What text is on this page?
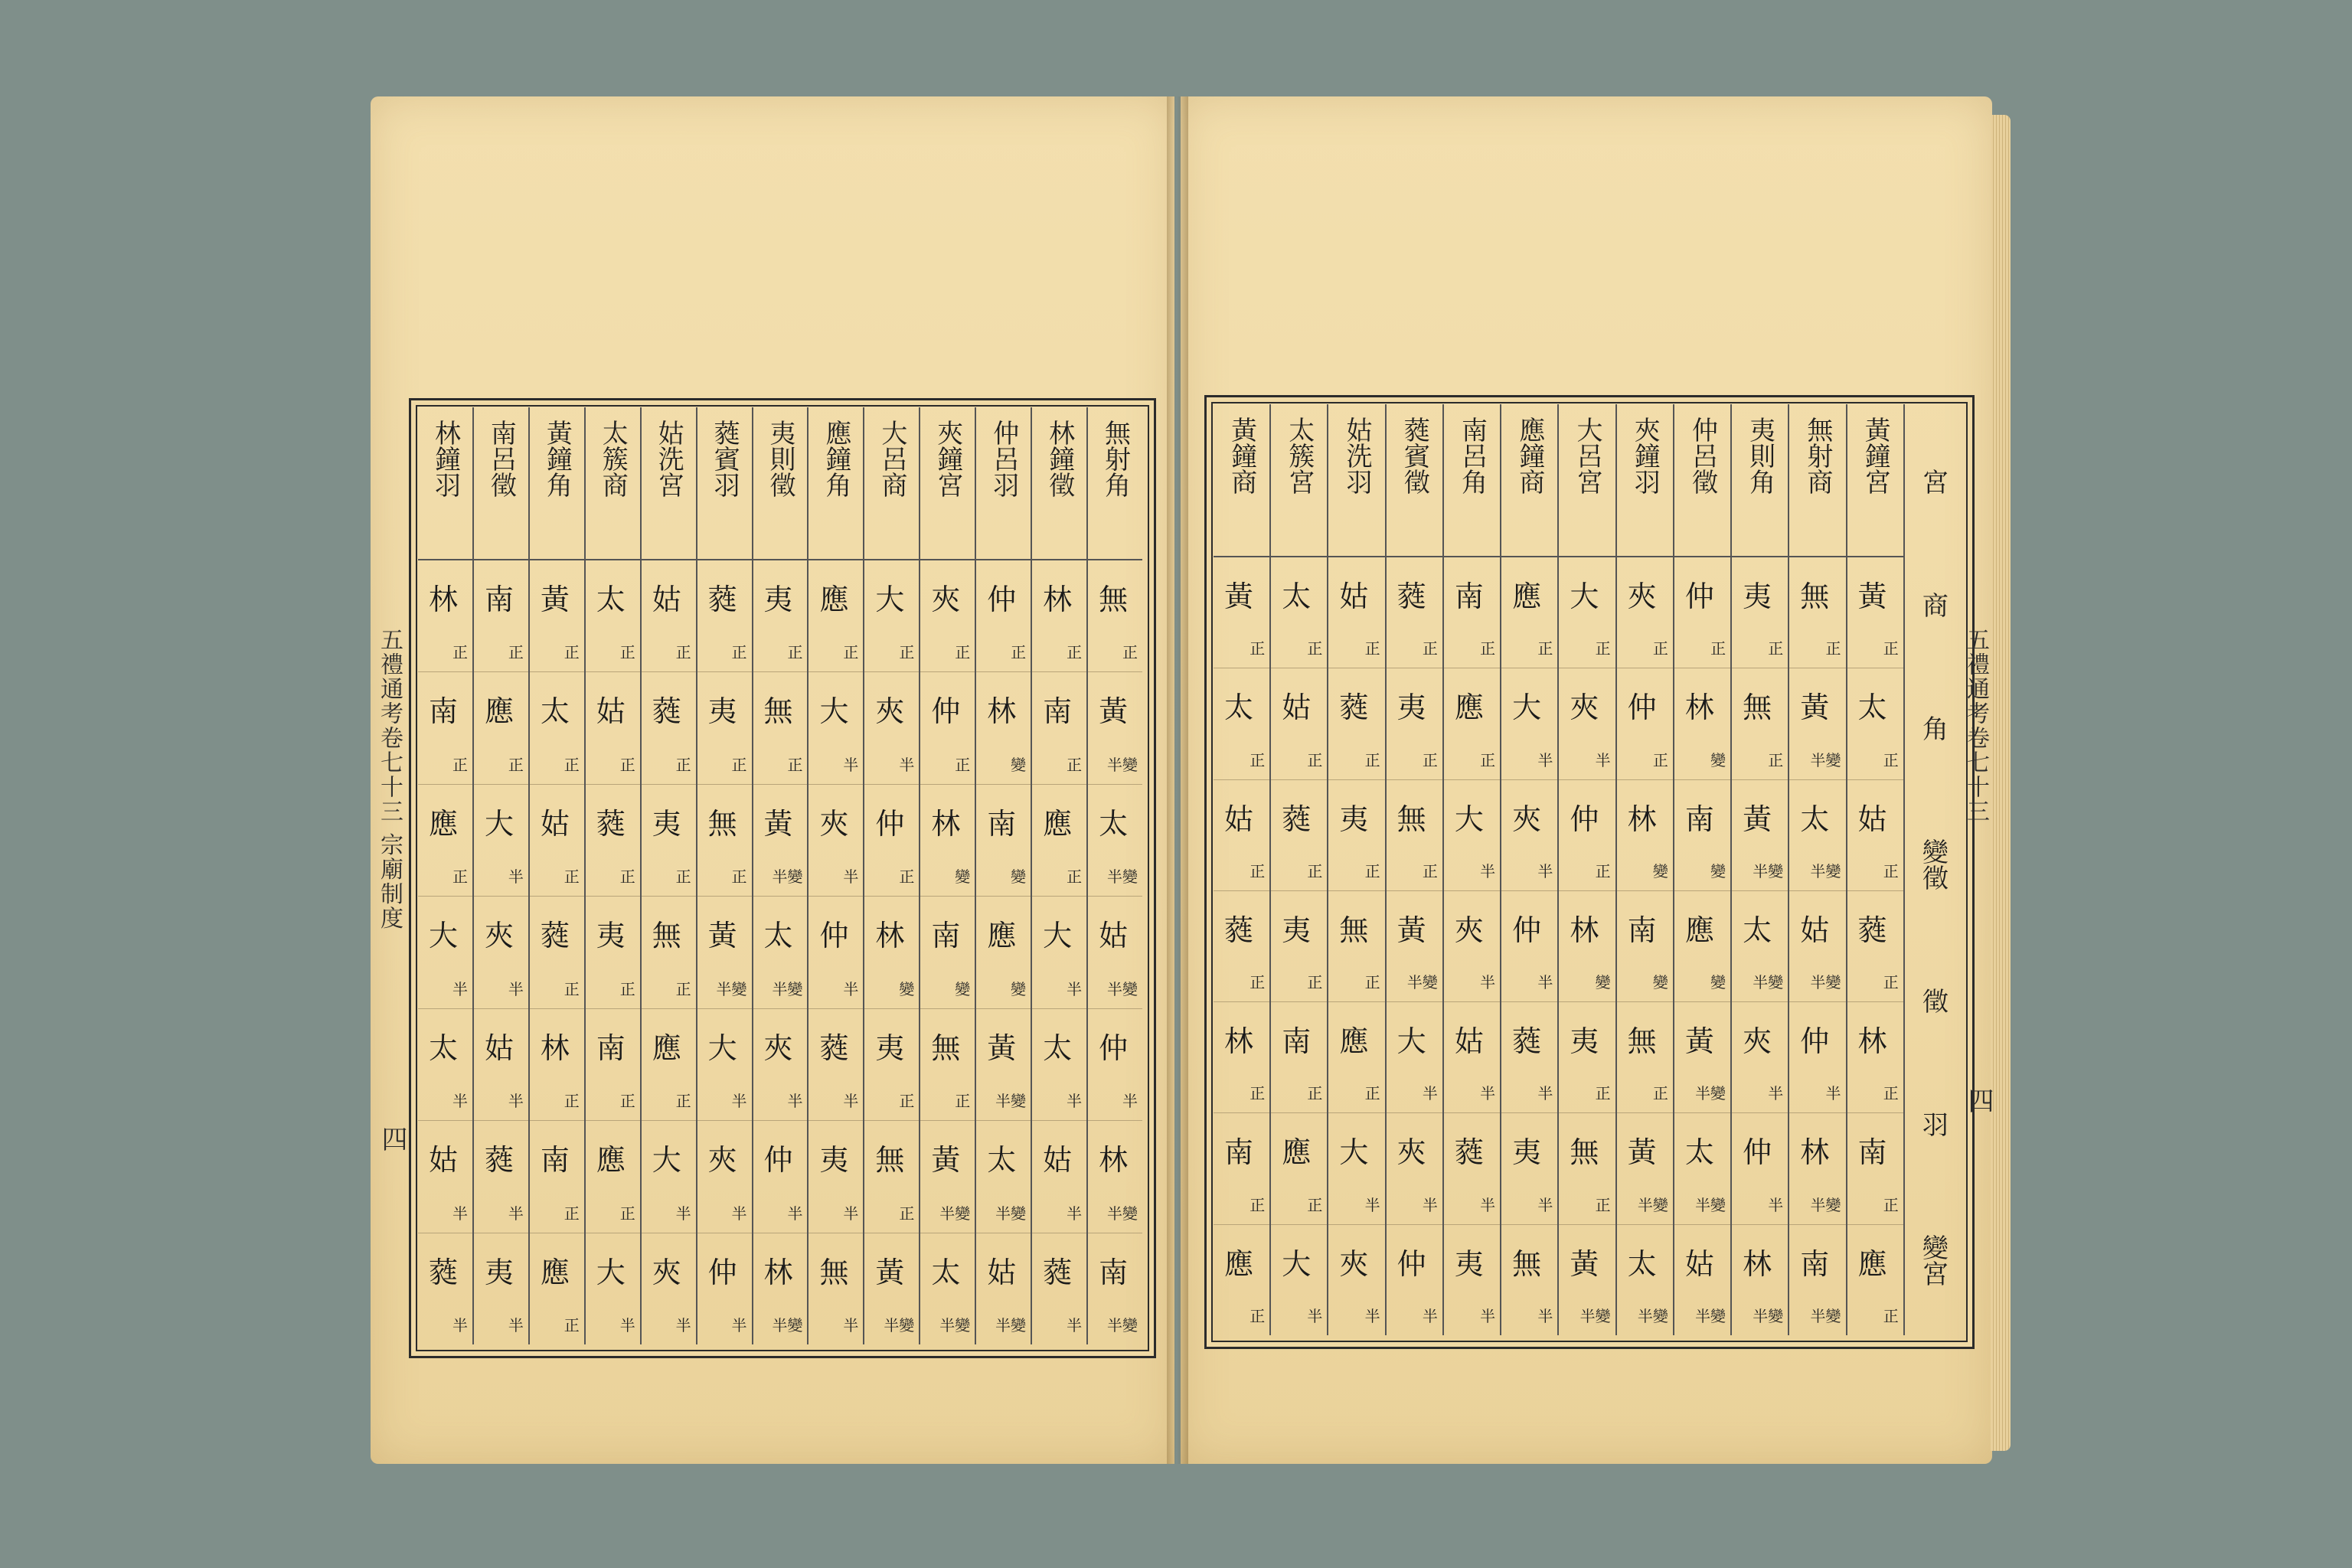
無
射
角
無
正
黃
半變
太
半變
姑
半變
仲
半
林
半變
南
半變
林
鐘
徵
林
正
南
正
應
正
大
半
太
半
姑
半
蕤
半
仲
呂
羽
仲
正
林
變
南
變
應
變
黃
半變
太
半變
姑
半變
夾
鐘
宮
夾
正
仲
正
林
變
南
變
無
正
黃
半變
太
半變
大
呂
商
大
正
夾
半
仲
正
林
變
夷
正
無
正
黃
半變
應
鐘
角
應
正
大
半
夾
半
仲
半
蕤
半
夷
半
無
半
夷
則
徵
夷
正
無
正
黃
半變
太
半變
夾
半
仲
半
林
半變
蕤
賓
羽
蕤
正
夷
正
無
正
黃
半變
大
半
夾
半
仲
半
姑
洗
宮
姑
正
蕤
正
夷
正
無
正
應
正
大
半
夾
半
太
簇
商
太
正
姑
正
蕤
正
夷
正
南
正
應
正
大
半
黃
鐘
角
黃
正
太
正
姑
正
蕤
正
林
正
南
正
應
正
南
呂
徵
南
正
應
正
大
半
夾
半
姑
半
蕤
半
夷
半
林
鐘
羽
林
正
南
正
應
正
大
半
太
半
姑
半
蕤
半
宮
商
角
變徵
徵
羽
變宮
黃
鐘
宮
黃
正
太
正
姑
正
蕤
正
林
正
南
正
應
正
無
射
商
無
正
黃
半變
太
半變
姑
半變
仲
半
林
半變
南
半變
夷
則
角
夷
正
無
正
黃
半變
太
半變
夾
半
仲
半
林
半變
仲
呂
徵
仲
正
林
變
南
變
應
變
黃
半變
太
半變
姑
半變
夾
鐘
羽
夾
正
仲
正
林
變
南
變
無
正
黃
半變
太
半變
大
呂
宮
大
正
夾
半
仲
正
林
變
夷
正
無
正
黃
半變
應
鐘
商
應
正
大
半
夾
半
仲
半
蕤
半
夷
半
無
半
南
呂
角
南
正
應
正
大
半
夾
半
姑
半
蕤
半
夷
半
蕤
賓
徵
蕤
正
夷
正
無
正
黃
半變
大
半
夾
半
仲
半
姑
洗
羽
姑
正
蕤
正
夷
正
無
正
應
正
大
半
夾
半
太
簇
宮
太
正
姑
正
蕤
正
夷
正
南
正
應
正
大
半
黃
鐘
商
黃
正
太
正
姑
正
蕤
正
林
正
南
正
應
正
五禮通考卷七十三 宗廟制度
四
五禮通考卷七十三
四
